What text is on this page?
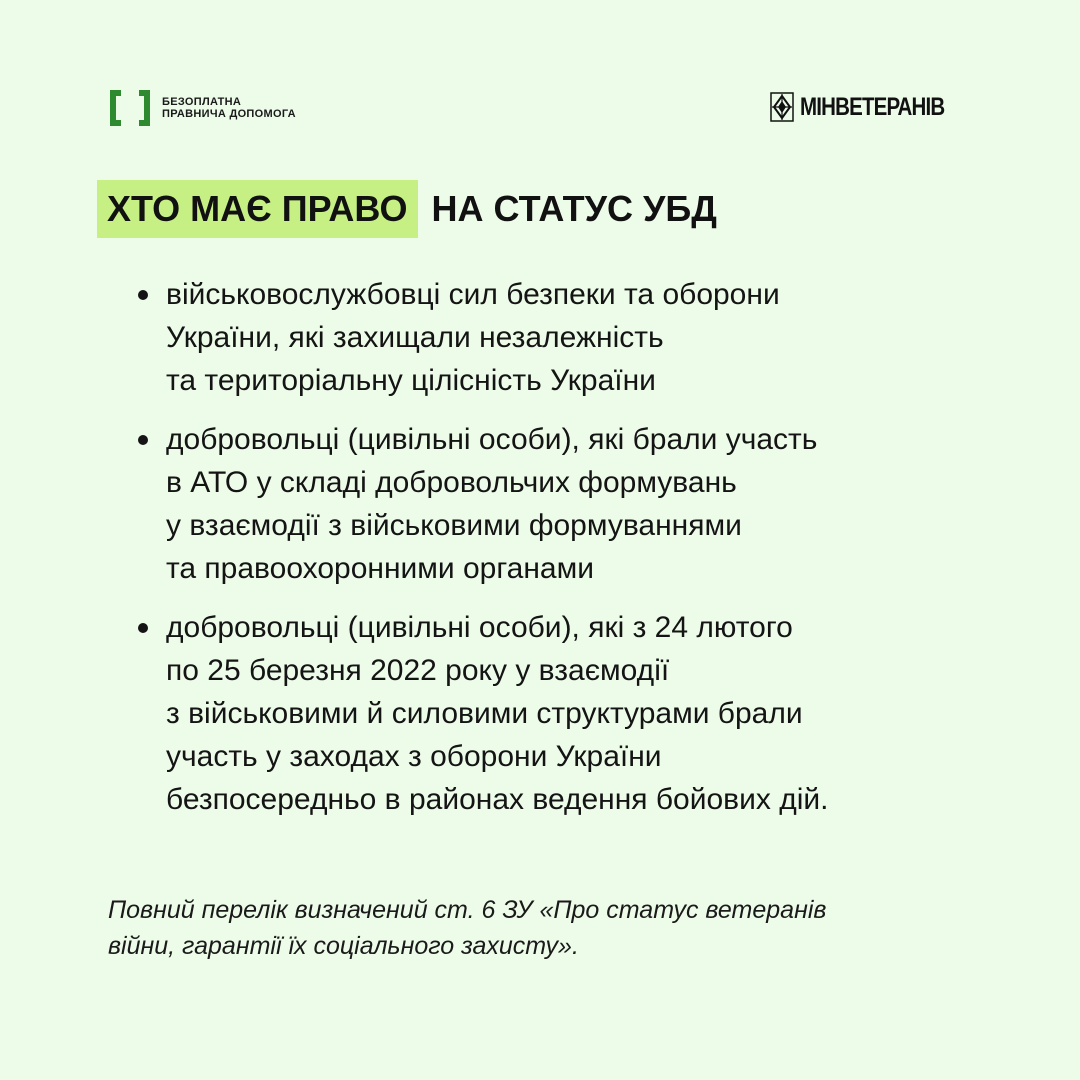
БЕЗОПЛАТНА
ПРАВНИЧА ДОПОМОГА	МІНВЕТЕРАНІВ
ХТО МАЄ ПРАВО НА СТАТУС УБД
військовослужбовці сил безпеки та оборони
України, які захищали незалежність
та територіальну цілісність України
добровольці (цивільні особи), які брали участь
в АТО у складі добровольчих формувань
у взаємодії з військовими формуваннями
та правоохоронними органами
добровольці (цивільні особи), які з 24 лютого
по 25 березня 2022 року у взаємодії
з військовими й силовими структурами брали
участь у заходах з оборони України
безпосередньо в районах ведення бойових дій.
Повний перелік визначений ст. 6 ЗУ «Про статус ветеранів
війни, гарантії їх соціального захисту».
